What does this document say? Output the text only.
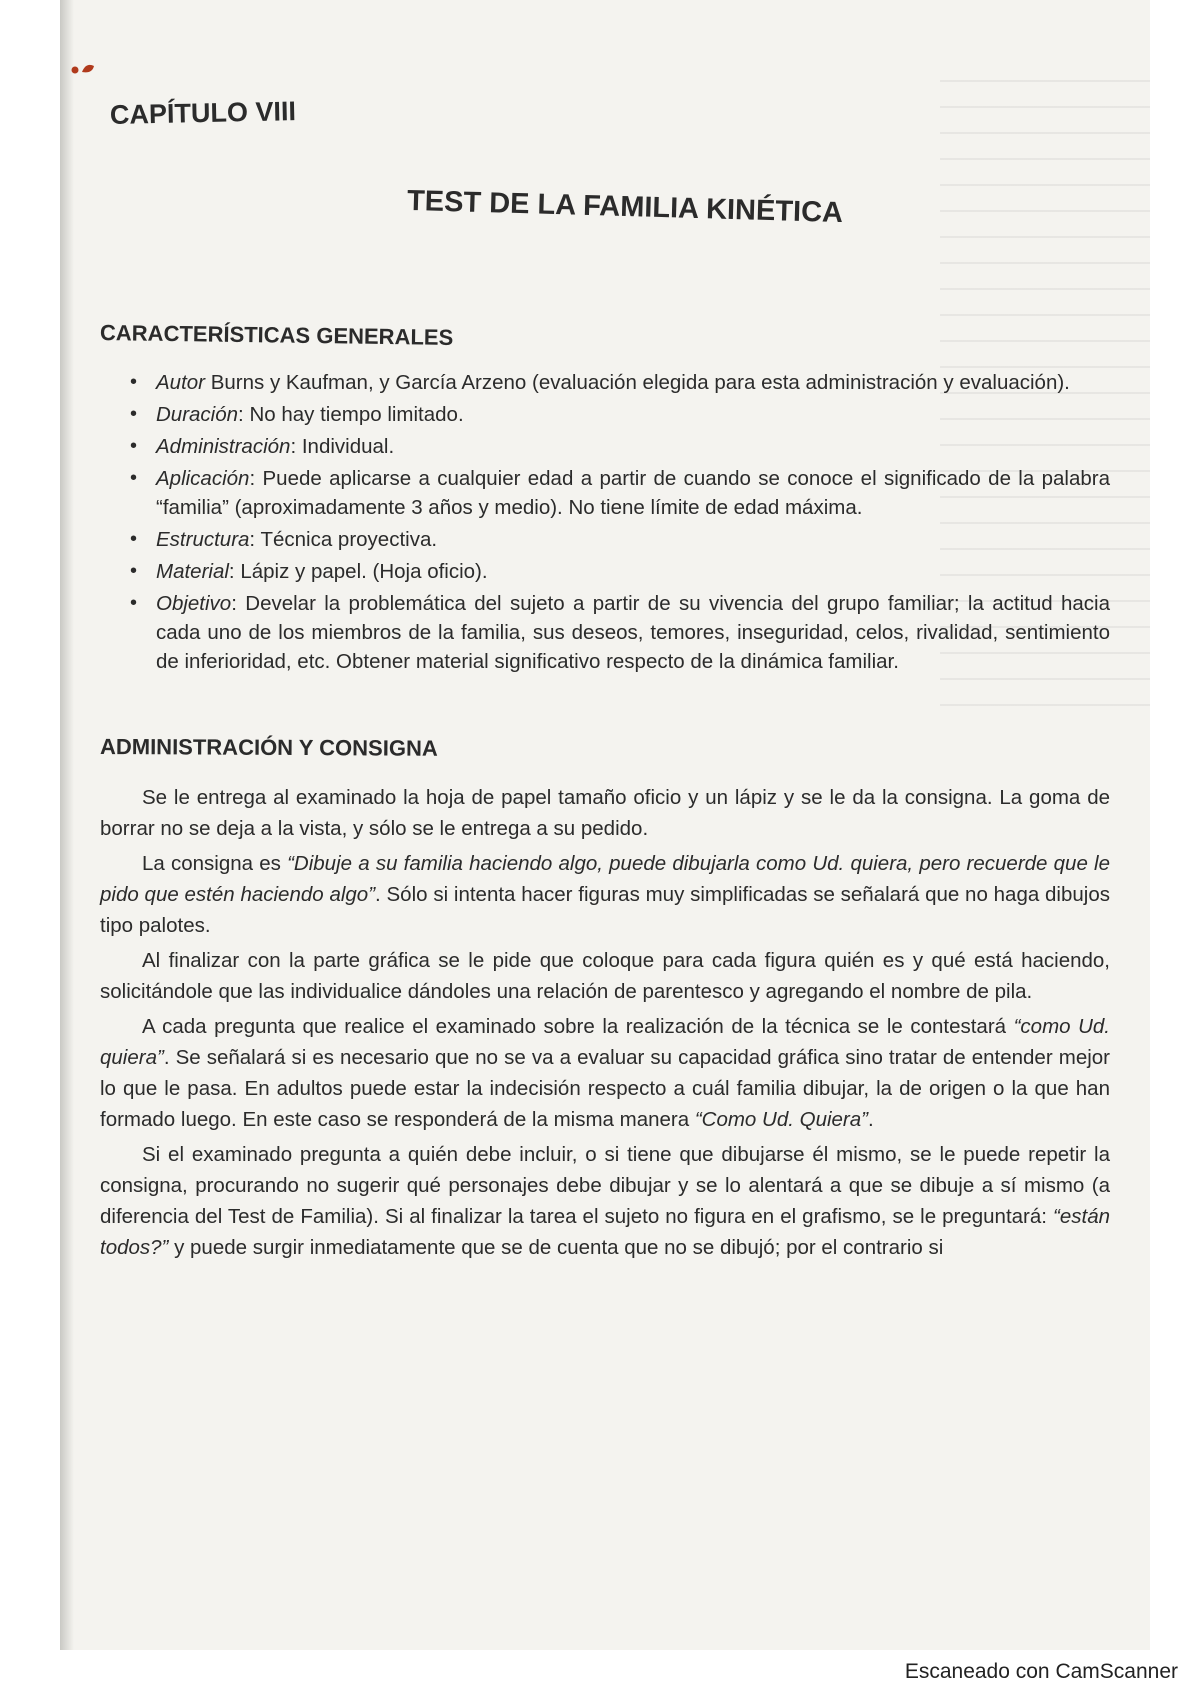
CAPÍTULO VIII
TEST DE LA FAMILIA KINÉTICA
CARACTERÍSTICAS GENERALES
• Autor Burns y Kaufman, y García Arzeno (evaluación elegida para esta administración y evaluación).
• Duración: No hay tiempo limitado.
• Administración: Individual.
• Aplicación: Puede aplicarse a cualquier edad a partir de cuando se conoce el significado de la palabra “familia” (aproximadamente 3 años y medio). No tiene límite de edad máxima.
• Estructura: Técnica proyectiva.
• Material: Lápiz y papel. (Hoja oficio).
• Objetivo: Develar la problemática del sujeto a partir de su vivencia del grupo familiar; la actitud hacia cada uno de los miembros de la familia, sus deseos, temores, inseguridad, celos, rivalidad, sentimiento de inferioridad, etc. Obtener material significativo respecto de la dinámica familiar.
ADMINISTRACIÓN Y CONSIGNA

Se le entrega al examinado la hoja de papel tamaño oficio y un lápiz y se le da la consigna. La goma de borrar no se deja a la vista, y sólo se le entrega a su pedido.

La consigna es “Dibuje a su familia haciendo algo, puede dibujarla como Ud. quiera, pero recuerde que le pido que estén haciendo algo”. Sólo si intenta hacer figuras muy simplificadas se señalará que no haga dibujos tipo palotes.

Al finalizar con la parte gráfica se le pide que coloque para cada figura quién es y qué está haciendo, solicitándole que las individualice dándoles una relación de parentesco y agregando el nombre de pila.

A cada pregunta que realice el examinado sobre la realización de la técnica se le contestará “como Ud. quiera”. Se señalará si es necesario que no se va a evaluar su capacidad gráfica sino tratar de entender mejor lo que le pasa. En adultos puede estar la indecisión respecto a cuál familia dibujar, la de origen o la que han formado luego. En este caso se responderá de la misma manera “Como Ud. Quiera”.

Si el examinado pregunta a quién debe incluir, o si tiene que dibujarse él mismo, se le puede repetir la consigna, procurando no sugerir qué personajes debe dibujar y se lo alentará a que se dibuje a sí mismo (a diferencia del Test de Familia). Si al finalizar la tarea el sujeto no figura en el grafismo, se le preguntará: “están todos?” y puede surgir inmediatamente que se de cuenta que no se dibujó; por el contrario si

Escaneado con CamScanner
